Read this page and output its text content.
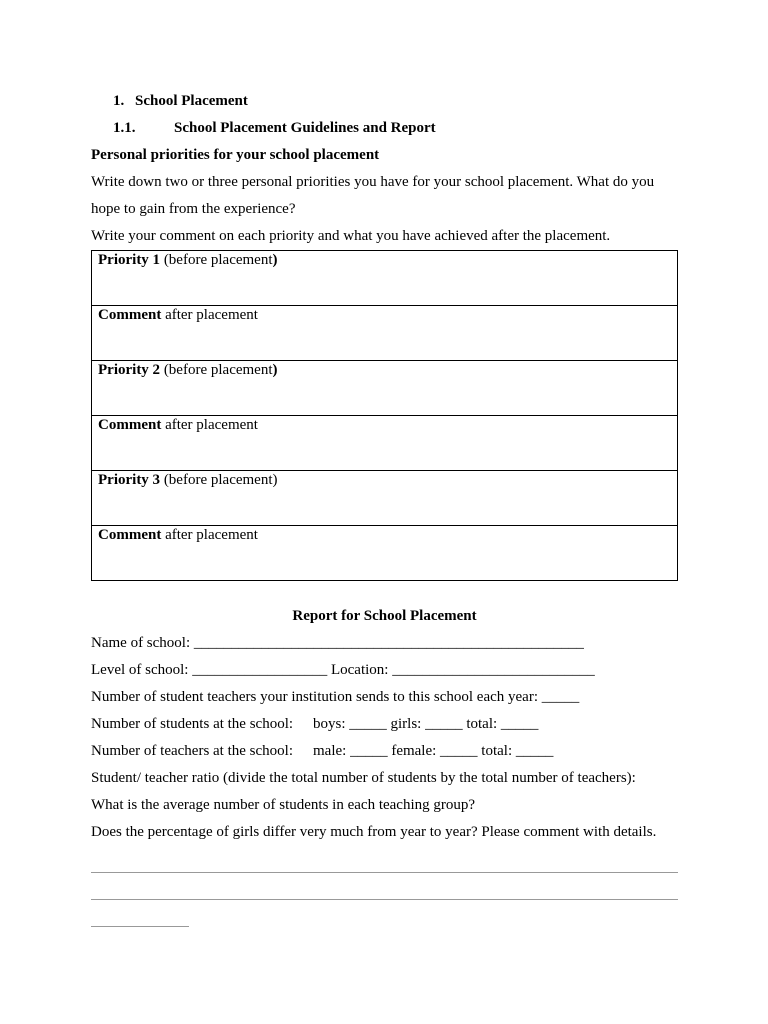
1. School Placement
1.1.	School Placement Guidelines and Report
Personal priorities for your school placement
Write down two or three personal priorities you have for your school placement. What do you
hope to gain from the experience?
Write your comment on each priority and what you have achieved after the placement.
Priority 1 (before placement)
Comment after placement
Priority 2 (before placement)
Comment after placement
Priority 3 (before placement)
Comment after placement
Report for School Placement
Name of school: ____________________________________________________
Level of school: __________________ Location: ___________________________
Number of student teachers your institution sends to this school each year: _____
Number of students at the school: boys: _____ girls: _____ total: _____
Number of teachers at the school: male: _____ female: _____ total: _____
Student/ teacher ratio (divide the total number of students by the total number of teachers):
What is the average number of students in each teaching group?
Does the percentage of girls differ very much from year to year? Please comment with details.
